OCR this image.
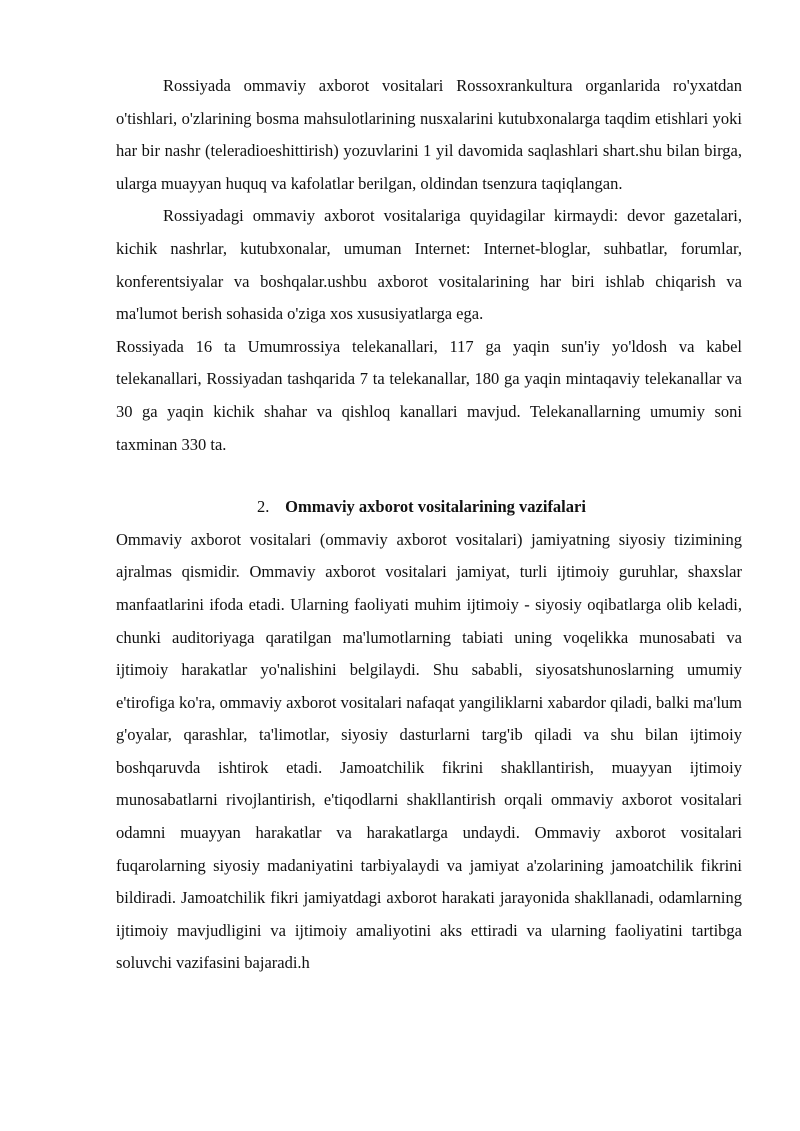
Rossiyada ommaviy axborot vositalari Rossoxrankultura organlarida ro'yxatdan o'tishlari, o'zlarining bosma mahsulotlarining nusxalarini kutubxonalarga taqdim etishlari yoki har bir nashr (teleradioeshittirish) yozuvlarini 1 yil davomida saqlashlari shart.shu bilan birga, ularga muayyan huquq va kafolatlar berilgan, oldindan tsenzura taqiqlangan.

Rossiyadagi ommaviy axborot vositalariga quyidagilar kirmaydi: devor gazetalari, kichik nashrlar, kutubxonalar, umuman Internet: Internet-bloglar, suhbatlar, forumlar, konferentsiyalar va boshqalar.ushbu axborot vositalarining har biri ishlab chiqarish va ma'lumot berish sohasida o'ziga xos xususiyatlarga ega.

Rossiyada 16 ta Umumrossiya telekanallari, 117 ga yaqin sun'iy yo'ldosh va kabel telekanallari, Rossiyadan tashqarida 7 ta telekanallar, 180 ga yaqin mintaqaviy telekanallar va 30 ga yaqin kichik shahar va qishloq kanallari mavjud. Telekanallarning umumiy soni taxminan 330 ta.

2. Ommaviy axborot vositalarining vazifalari

Ommaviy axborot vositalari (ommaviy axborot vositalari) jamiyatning siyosiy tizimining ajralmas qismidir. Ommaviy axborot vositalari jamiyat, turli ijtimoiy guruhlar, shaxslar manfaatlarini ifoda etadi. Ularning faoliyati muhim ijtimoiy - siyosiy oqibatlarga olib keladi, chunki auditoriyaga qaratilgan ma'lumotlarning tabiati uning voqelikka munosabati va ijtimoiy harakatlar yo'nalishini belgilaydi. Shu sababli, siyosatshunoslarning umumiy e'tirofiga ko'ra, ommaviy axborot vositalari nafaqat yangiliklarni xabardor qiladi, balki ma'lum g'oyalar, qarashlar, ta'limotlar, siyosiy dasturlarni targ'ib qiladi va shu bilan ijtimoiy boshqaruvda ishtirok etadi. Jamoatchilik fikrini shakllantirish, muayyan ijtimoiy munosabatlarni rivojlantirish, e'tiqodlarni shakllantirish orqali ommaviy axborot vositalari odamni muayyan harakatlar va harakatlarga undaydi. Ommaviy axborot vositalari fuqarolarning siyosiy madaniyatini tarbiyalaydi va jamiyat a'zolarining jamoatchilik fikrini bildiradi. Jamoatchilik fikri jamiyatdagi axborot harakati jarayonida shakllanadi, odamlarning ijtimoiy mavjudligini va ijtimoiy amaliyotini aks ettiradi va ularning faoliyatini tartibga soluvchi vazifasini bajaradi.h
